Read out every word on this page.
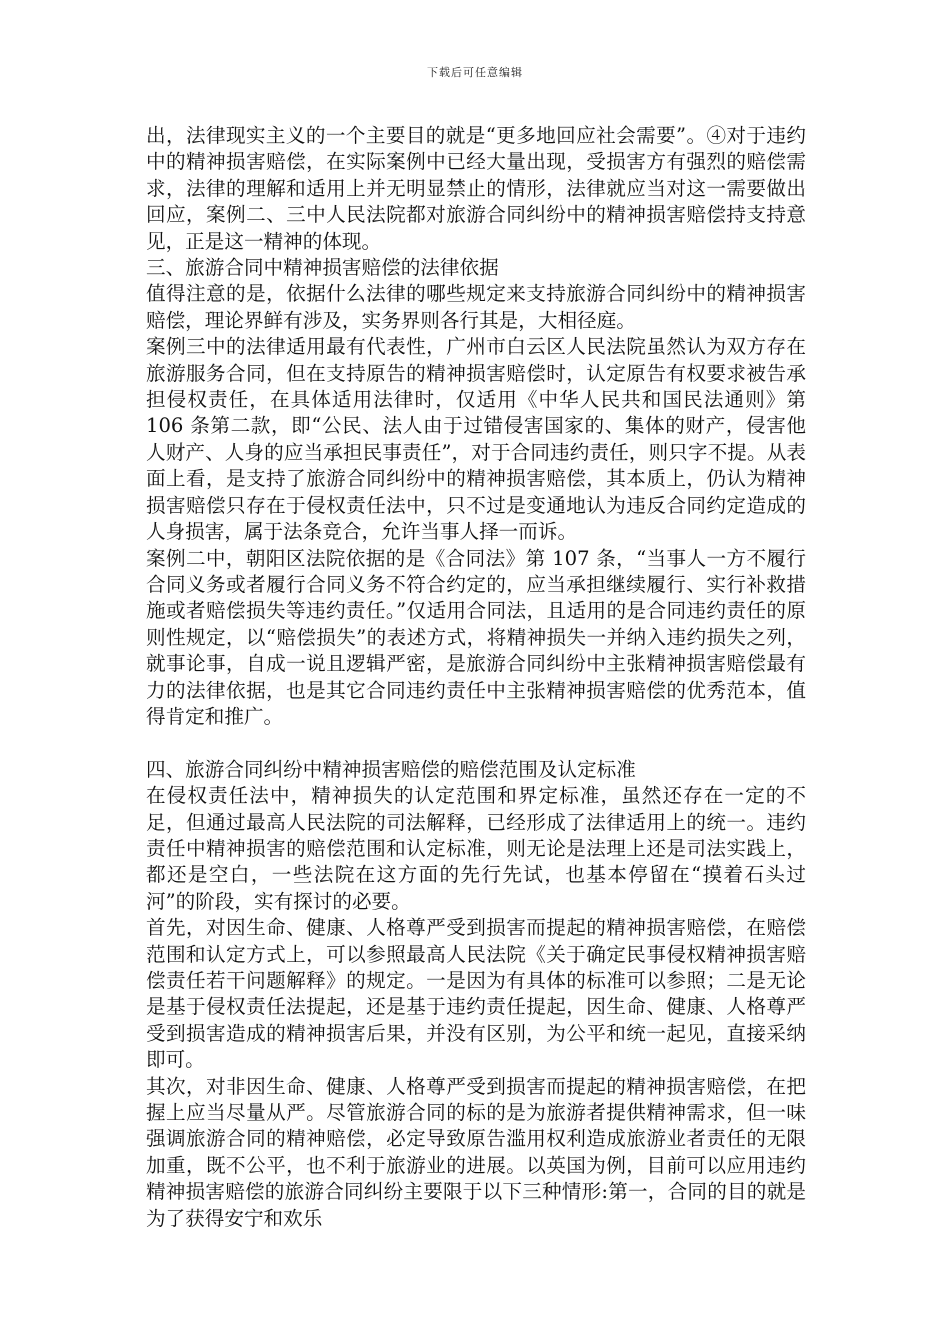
下载后可任意编辑

出，法律现实主义的一个主要目的就是“更多地回应社会需要”。④对于违约中的精神损害赔偿，在实际案例中已经大量出现，受损害方有强烈的赔偿需求，法律的理解和适用上并无明显禁止的情形，法律就应当对这一需要做出回应，案例二、三中人民法院都对旅游合同纠纷中的精神损害赔偿持支持意见，正是这一精神的体现。

三、旅游合同中精神损害赔偿的法律依据

值得注意的是，依据什么法律的哪些规定来支持旅游合同纠纷中的精神损害赔偿，理论界鲜有涉及，实务界则各行其是，大相径庭。

案例三中的法律适用最有代表性，广州市白云区人民法院虽然认为双方存在旅游服务合同，但在支持原告的精神损害赔偿时，认定原告有权要求被告承担侵权责任，在具体适用法律时，仅适用《中华人民共和国民法通则》第 106 条第二款，即“公民、法人由于过错侵害国家的、集体的财产，侵害他人财产、人身的应当承担民事责任”，对于合同违约责任，则只字不提。从表面上看，是支持了旅游合同纠纷中的精神损害赔偿，其本质上，仍认为精神损害赔偿只存在于侵权责任法中，只不过是变通地认为违反合同约定造成的人身损害，属于法条竞合，允许当事人择一而诉。

案例二中，朝阳区法院依据的是《合同法》第 107 条，“当事人一方不履行合同义务或者履行合同义务不符合约定的，应当承担继续履行、实行补救措施或者赔偿损失等违约责任。”仅适用合同法，且适用的是合同违约责任的原则性规定，以“赔偿损失”的表述方式，将精神损失一并纳入违约损失之列，就事论事，自成一说且逻辑严密，是旅游合同纠纷中主张精神损害赔偿最有力的法律依据，也是其它合同违约责任中主张精神损害赔偿的优秀范本，值得肯定和推广。

四、旅游合同纠纷中精神损害赔偿的赔偿范围及认定标准

在侵权责任法中，精神损失的认定范围和界定标准，虽然还存在一定的不足，但通过最高人民法院的司法解释，已经形成了法律适用上的统一。违约责任中精神损害的赔偿范围和认定标准，则无论是法理上还是司法实践上，都还是空白，一些法院在这方面的先行先试，也基本停留在“摸着石头过河”的阶段，实有探讨的必要。

首先，对因生命、健康、人格尊严受到损害而提起的精神损害赔偿，在赔偿范围和认定方式上，可以参照最高人民法院《关于确定民事侵权精神损害赔偿责任若干问题解释》的规定。一是因为有具体的标准可以参照；二是无论是基于侵权责任法提起，还是基于违约责任提起，因生命、健康、人格尊严受到损害造成的精神损害后果，并没有区别，为公平和统一起见，直接采纳即可。

其次，对非因生命、健康、人格尊严受到损害而提起的精神损害赔偿，在把握上应当尽量从严。尽管旅游合同的标的是为旅游者提供精神需求，但一味强调旅游合同的精神赔偿，必定导致原告滥用权利造成旅游业者责任的无限加重，既不公平，也不利于旅游业的进展。以英国为例，目前可以应用违约精神损害赔偿的旅游合同纠纷主要限于以下三种情形:第一，合同的目的就是为了获得安宁和欢乐
